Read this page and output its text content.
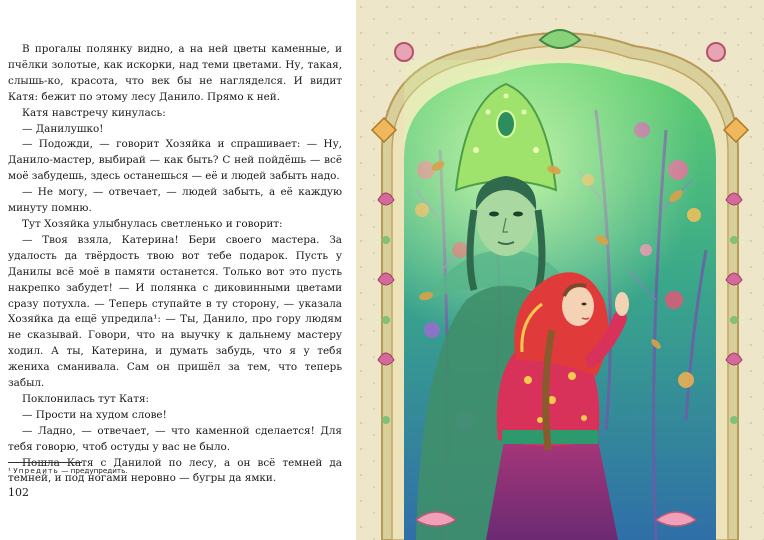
В прогалы полянку видно, а на ней цветы каменные, и пчёлки золотые, как искорки, над теми цветами. Ну, такая, слышь-ко, красота, что век бы не нагляделся. И видит Катя: бежит по этому лесу Данило. Прямо к ней.

Катя навстречу кинулась:

— Данилушко!

— Подожди, — говорит Хозяйка и спрашивает: — Ну, Данило-мастер, выбирай — как быть? С ней пойдёшь — всё моё забудешь, здесь останешься — её и людей забыть надо.

— Не могу, — отвечает, — людей забыть, а её каждую минуту помню.

Тут Хозяйка улыбнулась светленько и говорит:

— Твоя взяла, Катерина! Бери своего мастера. За удалость да твёрдость твою вот тебе подарок. Пусть у Данилы всё моё в памяти останется. Только вот это пусть накрепко забудет! — И полянка с диковинными цветами сразу потухла. — Теперь ступайте в ту сторону, — указала Хозяйка да ещё упредила¹: — Ты, Данило, про гору людям не сказывай. Говори, что на выучку к дальнему мастеру ходил. А ты, Катерина, и думать забудь, что я у тебя жениха сманивала. Сам он пришёл за тем, что теперь забыл.

Поклонилась тут Катя:

— Прости на худом слове!

— Ладно, — отвечает, — что каменной сделается! Для тебя говорю, чтоб остуды у вас не было.

Пошла Катя с Данилой по лесу, а он всё темней да темней, и под ногами неровно — бугры да ямки.

¹ Упредить — предупредить.
102
